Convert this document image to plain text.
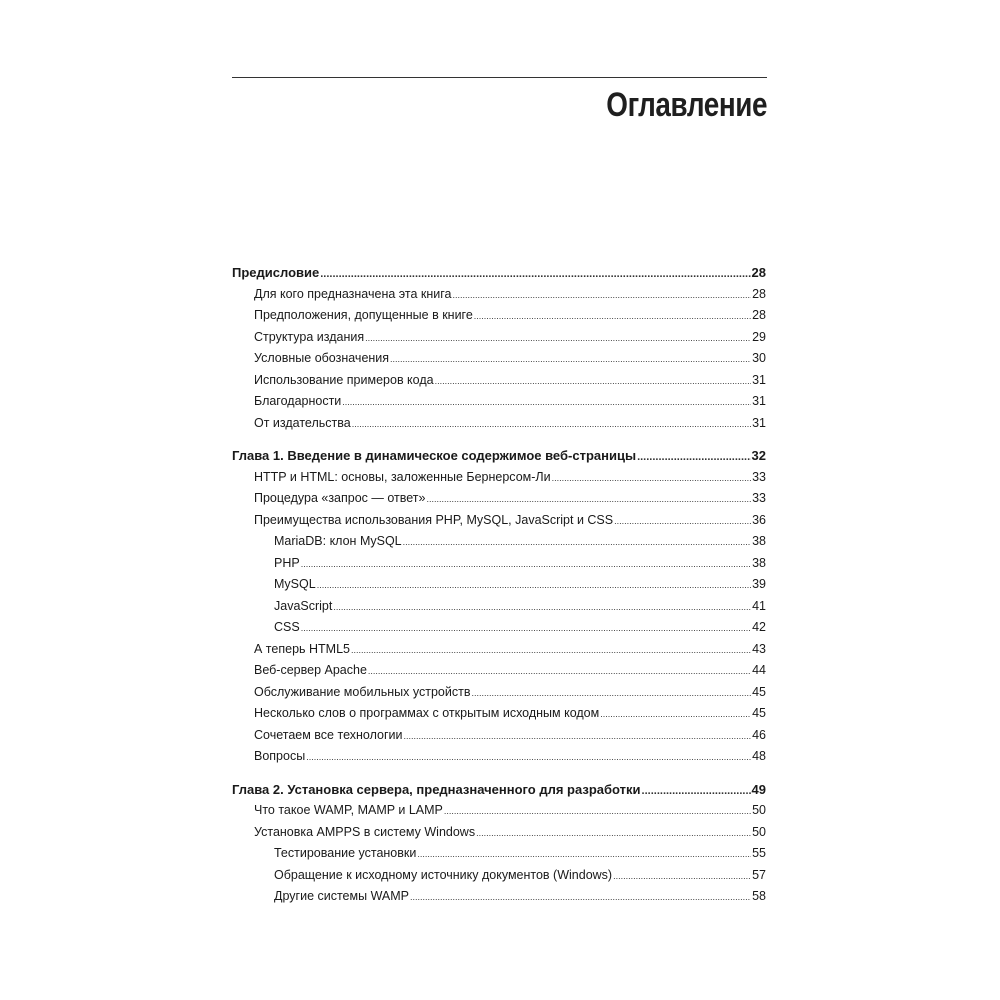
Оглавление
Предисловие .....	28
Для кого предназначена эта книга .....	28
Предположения, допущенные в книге .....	28
Структура издания .....	29
Условные обозначения .....	30
Использование примеров кода .....	31
Благодарности .....	31
От издательства .....	31
Глава 1. Введение в динамическое содержимое веб-страницы .....	32
HTTP и HTML: основы, заложенные Бернерсом-Ли .....	33
Процедура «запрос — ответ» .....	33
Преимущества использования PHP, MySQL, JavaScript и CSS .....	36
MariaDB: клон MySQL .....	38
PHP .....	38
MySQL .....	39
JavaScript .....	41
CSS .....	42
А теперь HTML5 .....	43
Веб-сервер Apache .....	44
Обслуживание мобильных устройств .....	45
Несколько слов о программах с открытым исходным кодом .....	45
Сочетаем все технологии .....	46
Вопросы .....	48
Глава 2. Установка сервера, предназначенного для разработки .....	49
Что такое WAMP, MAMP и LAMP .....	50
Установка AMPPS в систему Windows .....	50
Тестирование установки .....	55
Обращение к исходному источнику документов (Windows) .....	57
Другие системы WAMP .....	58
